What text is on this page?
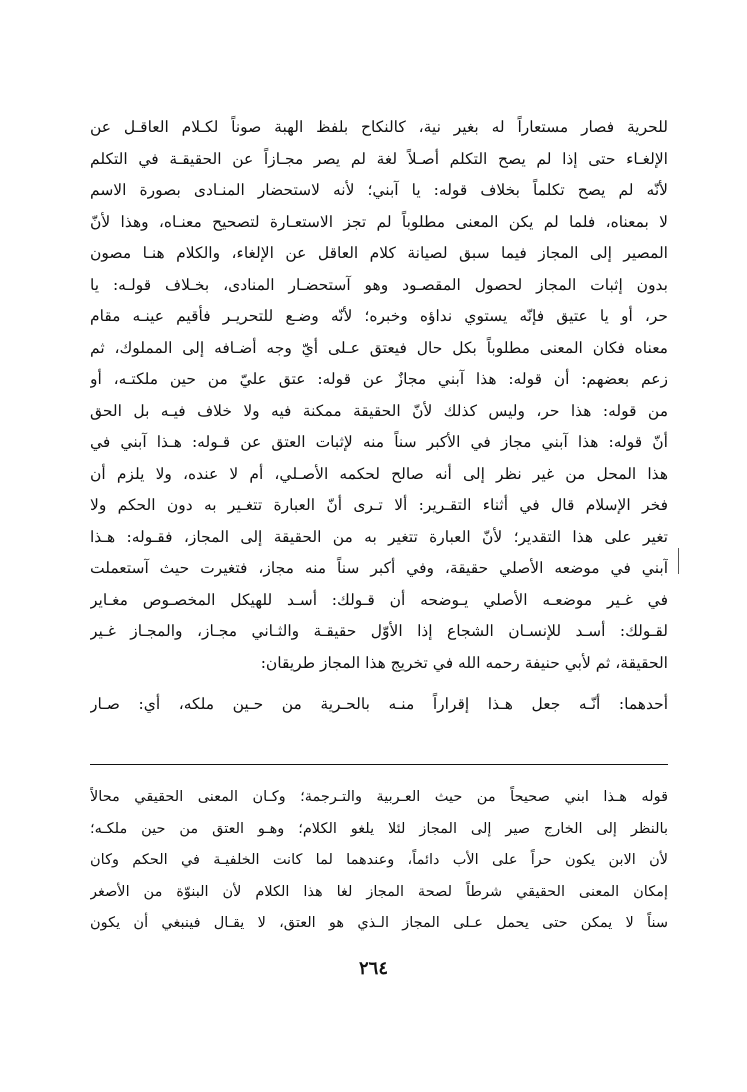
للحرية فصار مستعاراً له بغير نية، كالنكاح بلفظ الهبة صوناً لكـلام العاقـل عن
الإلغـاء حتى إذا لم يصح التكلم أصـلاً لغة لم يصر مجـازاً عن الحقيقـة في التكلم
لأنّه لم يصح تكلماً بخلاف قوله: يا آبني؛ لأنه لاستحضار المنـادى بصورة الاسم
لا بمعناه، فلما لم يكن المعنى مطلوباً لم تجز الاستعـارة لتصحيح معنـاه، وهذا لأنّ
المصير إلى المجاز فيما سبق لصيانة كلام العاقل عن الإلغاء، والكلام هنـا مصون
بدون إثبات المجاز لحصول المقصـود وهو آستحضـار المنادى، بخـلاف قولـه: يا
حر، أو يا عتيق فإنّه يستوي نداؤه وخبره؛ لأنّه وضـع للتحريـر فأقيم عينـه مقام
معناه فكان المعنى مطلوباً بكل حال فيعتق عـلى أيّ وجه أضـافه إلى المملوك، ثم
زعم بعضهم: أن قوله: هذا آبني مجازٌ عن قوله: عتق عليّ من حين ملكتـه، أو
من قوله: هذا حر، وليس كذلك لأنّ الحقيقة ممكنة فيه ولا خلاف فيـه بل الحق
أنّ قوله: هذا آبني مجاز في الأكبر سناً منه لإثبات العتق عن قـوله: هـذا آبني في
هذا المحل من غير نظر إلى أنه صالح لحكمه الأصـلي، أم لا عنده، ولا يلزم أن
فخر الإسلام قال في أثناء التقـرير: ألا تـرى أنّ العبارة تتغـير به دون الحكم ولا
تغير على هذا التقدير؛ لأنّ العبارة تتغير به من الحقيقة إلى المجاز، فقـوله: هـذا
آبني في موضعه الأصلي حقيقة، وفي أكبر سناً منه مجاز، فتغيرت حيث آستعملت
في غـير موضعـه الأصلي يـوضحه أن قـولك: أسـد للهيكل المخصـوص مغـاير
لقـولك: أسـد للإنسـان الشجاع إذا الأوّل حقيقـة والثـاني مجـاز، والمجـاز غـير
الحقيقة، ثم لأبي حنيفة رحمه الله في تخريج هذا المجاز طريقان:
أحدهما: أنّـه جعل هـذا إقراراً منـه بالحـرية من حـين ملكه، أي: صـار
قوله هـذا ابني صحيحاً من حيث العـربية والتـرجمة؛ وكـان المعنى الحقيقي محالاً
بالنظر إلى الخارج صير إلى المجاز لئلا يلغو الكلام؛ وهـو العتق من حين ملكـه؛
لأن الابن يكون حراً على الأب دائماً، وعندهما لما كانت الخلفيـة في الحكم وكان
إمكان المعنى الحقيقي شرطاً لصحة المجاز لغا هذا الكلام لأن البنوّة من الأصغر
سناً لا يمكن حتى يحمل عـلى المجاز الـذي هو العتق، لا يقـال فينبغي أن يكون
٢٦٤
